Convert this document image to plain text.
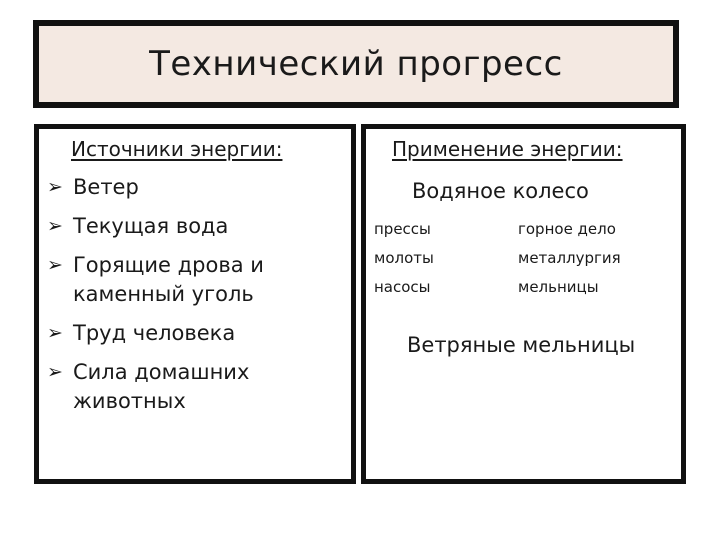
Технический прогресс
Источники энергии:
➢ Ветер
➢ Текущая вода
➢ Горящие дрова и каменный уголь
➢ Труд человека
➢ Сила домашних животных
Применение энергии:
Водяное колесо
прессы
молоты
насосы
горное дело
металлургия
мельницы
Ветряные мельницы
